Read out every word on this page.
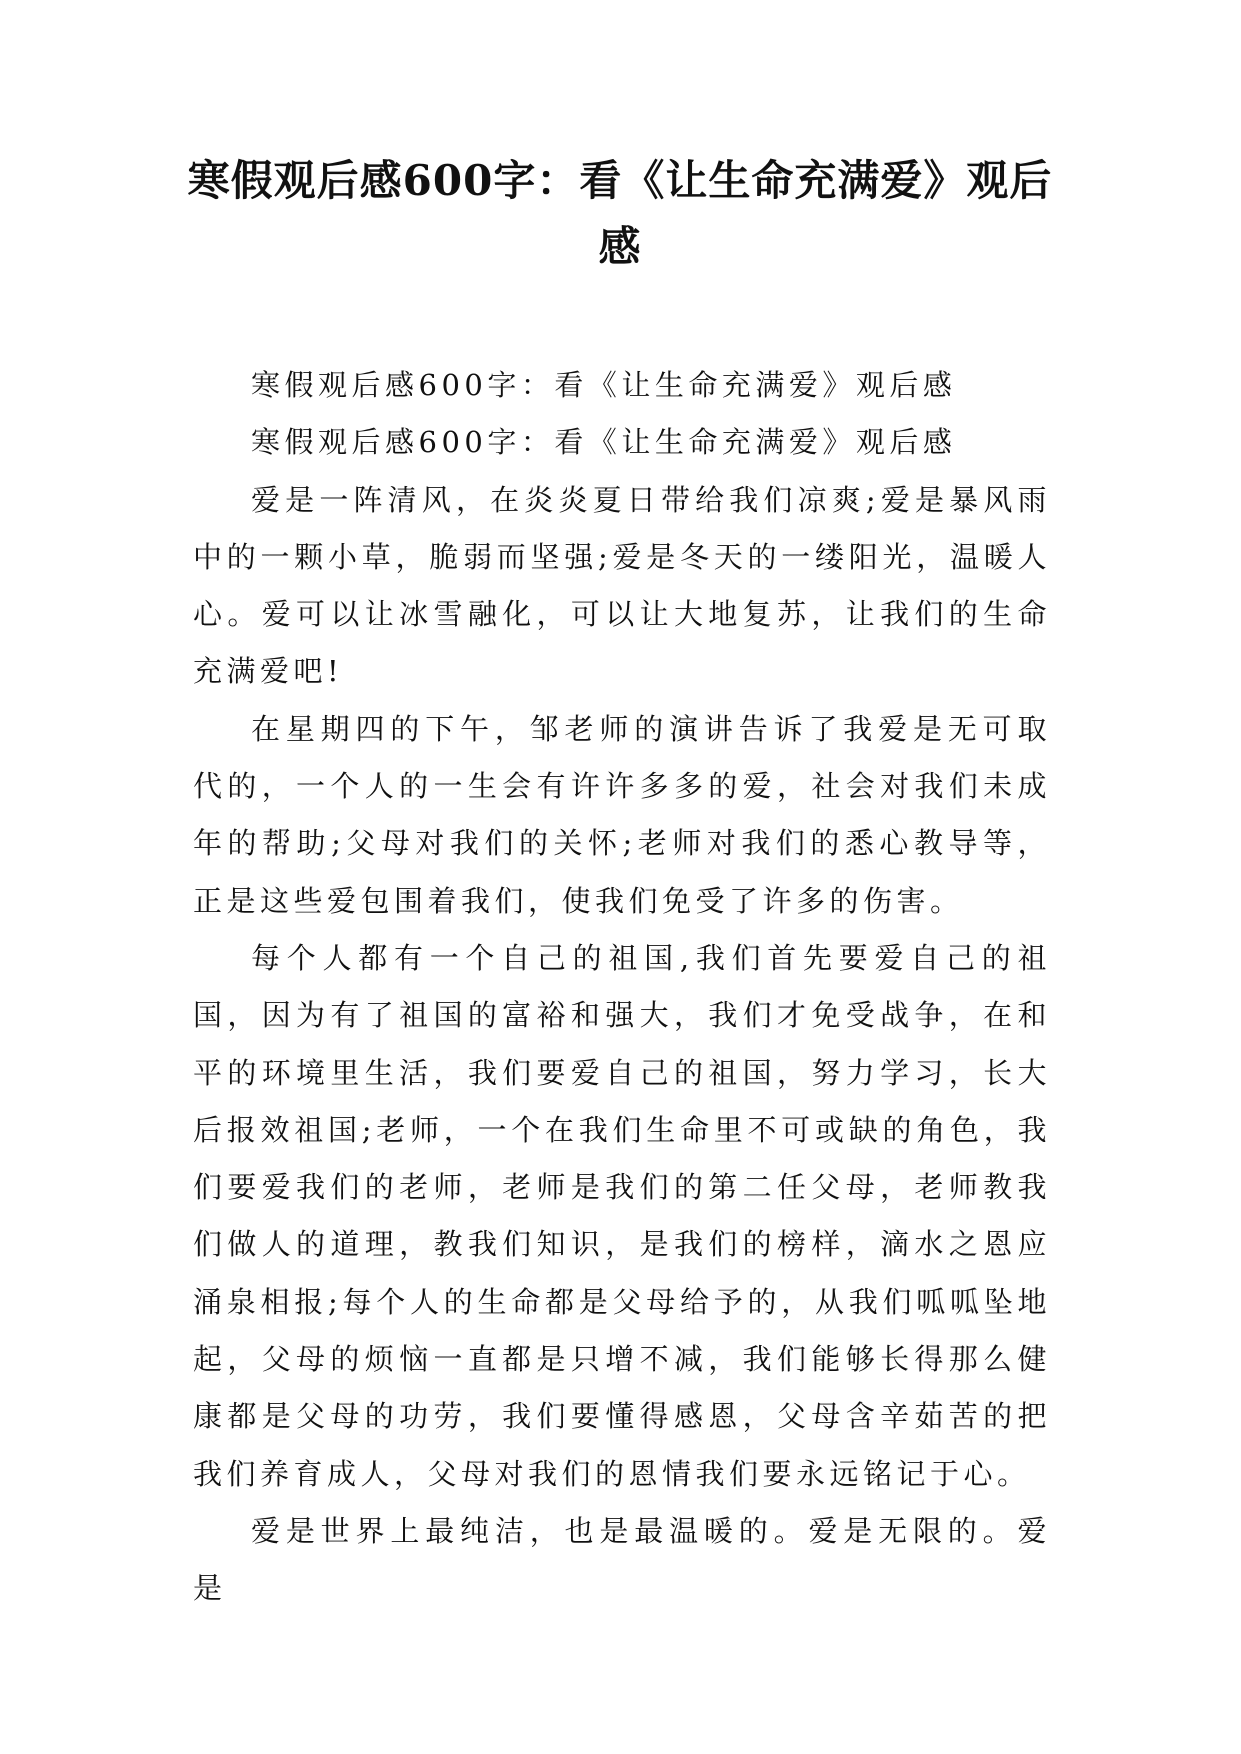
寒假观后感600字：看《让生命充满爱》观后感

寒假观后感600字：看《让生命充满爱》观后感

寒假观后感600字：看《让生命充满爱》观后感

爱是一阵清风，在炎炎夏日带给我们凉爽;爱是暴风雨中的一颗小草，脆弱而坚强;爱是冬天的一缕阳光，温暖人心。爱可以让冰雪融化，可以让大地复苏，让我们的生命充满爱吧!

在星期四的下午，邹老师的演讲告诉了我爱是无可取代的，一个人的一生会有许许多多的爱，社会对我们未成年的帮助;父母对我们的关怀;老师对我们的悉心教导等，正是这些爱包围着我们，使我们免受了许多的伤害。

每个人都有一个自己的祖国,我们首先要爱自己的祖国，因为有了祖国的富裕和强大，我们才免受战争，在和平的环境里生活，我们要爱自己的祖国，努力学习，长大后报效祖国;老师，一个在我们生命里不可或缺的角色，我们要爱我们的老师，老师是我们的第二任父母，老师教我们做人的道理，教我们知识，是我们的榜样，滴水之恩应涌泉相报;每个人的生命都是父母给予的，从我们呱呱坠地起，父母的烦恼一直都是只增不减，我们能够长得那么健康都是父母的功劳，我们要懂得感恩，父母含辛茹苦的把我们养育成人，父母对我们的恩情我们要永远铭记于心。

爱是世界上最纯洁，也是最温暖的。爱是无限的。爱是
